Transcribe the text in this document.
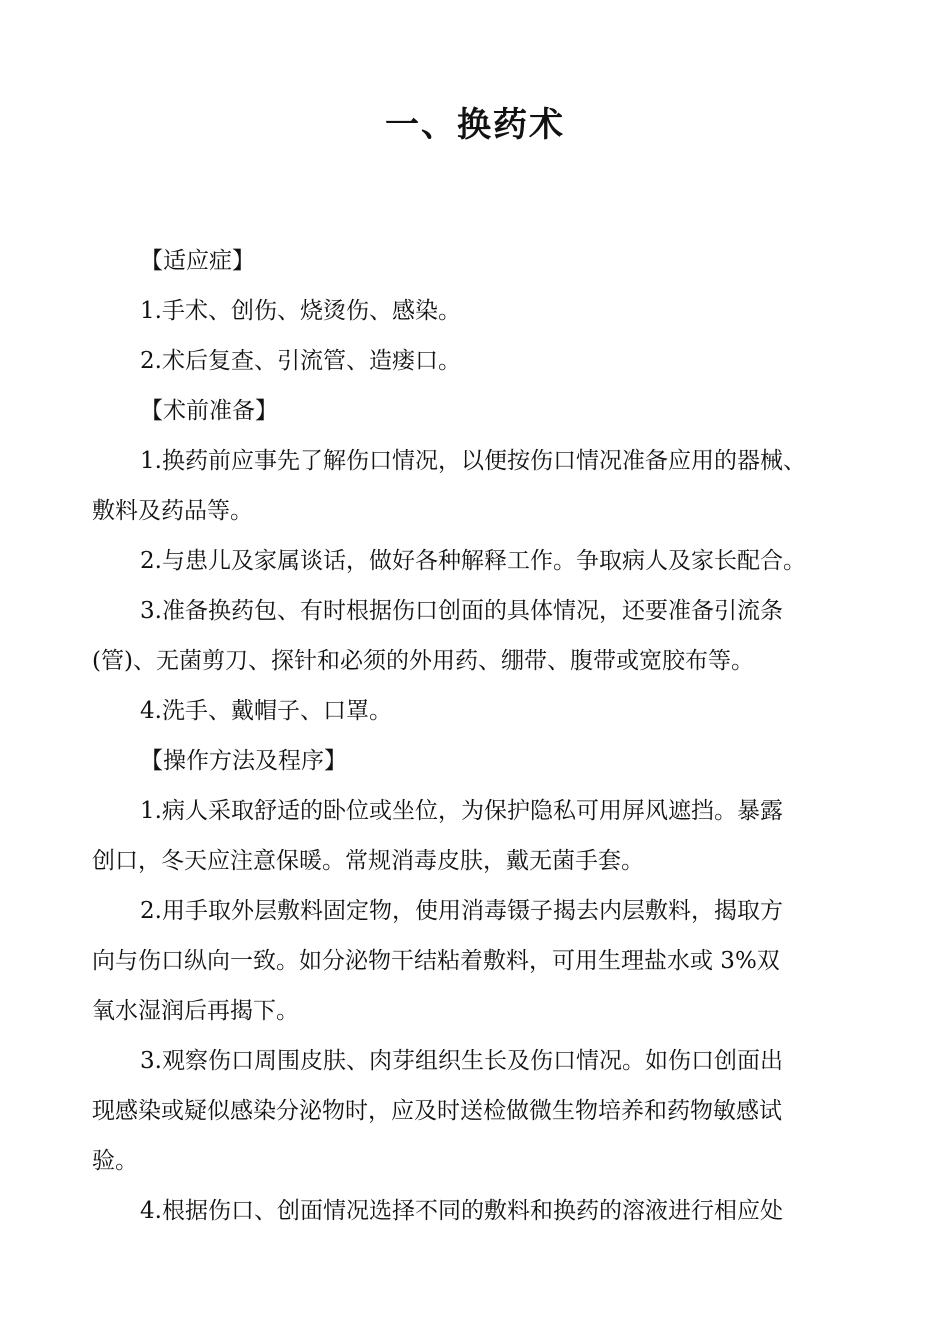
一、换药术
【适应症】
1.手术、创伤、烧烫伤、感染。
2.术后复查、引流管、造瘘口。
【术前准备】
1.换药前应事先了解伤口情况，以便按伤口情况准备应用的器械、
敷料及药品等。
2.与患儿及家属谈话，做好各种解释工作。争取病人及家长配合。
3.准备换药包、有时根据伤口创面的具体情况，还要准备引流条
(管)、无菌剪刀、探针和必须的外用药、绷带、腹带或宽胶布等。
4.洗手、戴帽子、口罩。
【操作方法及程序】
1.病人采取舒适的卧位或坐位，为保护隐私可用屏风遮挡。暴露
创口，冬天应注意保暖。常规消毒皮肤，戴无菌手套。
2.用手取外层敷料固定物，使用消毒镊子揭去内层敷料，揭取方
向与伤口纵向一致。如分泌物干结粘着敷料，可用生理盐水或 3%双
氧水湿润后再揭下。
3.观察伤口周围皮肤、肉芽组织生长及伤口情况。如伤口创面出
现感染或疑似感染分泌物时，应及时送检做微生物培养和药物敏感试
验。
4.根据伤口、创面情况选择不同的敷料和换药的溶液进行相应处
